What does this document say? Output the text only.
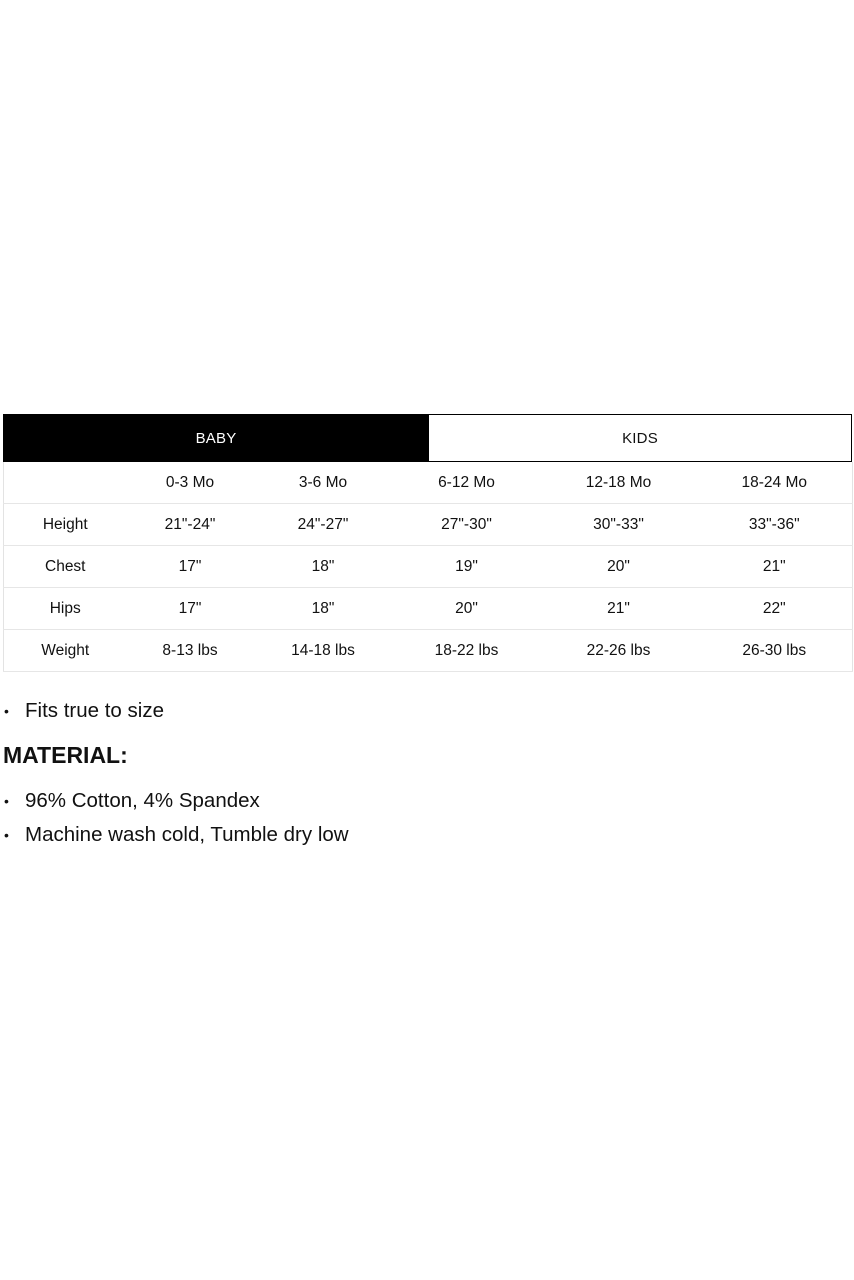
BABY	KIDS
	0-3 Mo	3-6 Mo	6-12 Mo	12-18 Mo	18-24 Mo
Height	21"-24"	24"-27"	27"-30"	30"-33"	33"-36"
Chest	17"	18"	19"	20"	21"
Hips	17"	18"	20"	21"	22"
Weight	8-13 lbs	14-18 lbs	18-22 lbs	22-26 lbs	26-30 lbs
• Fits true to size
MATERIAL:
• 96% Cotton, 4% Spandex
• Machine wash cold, Tumble dry low
